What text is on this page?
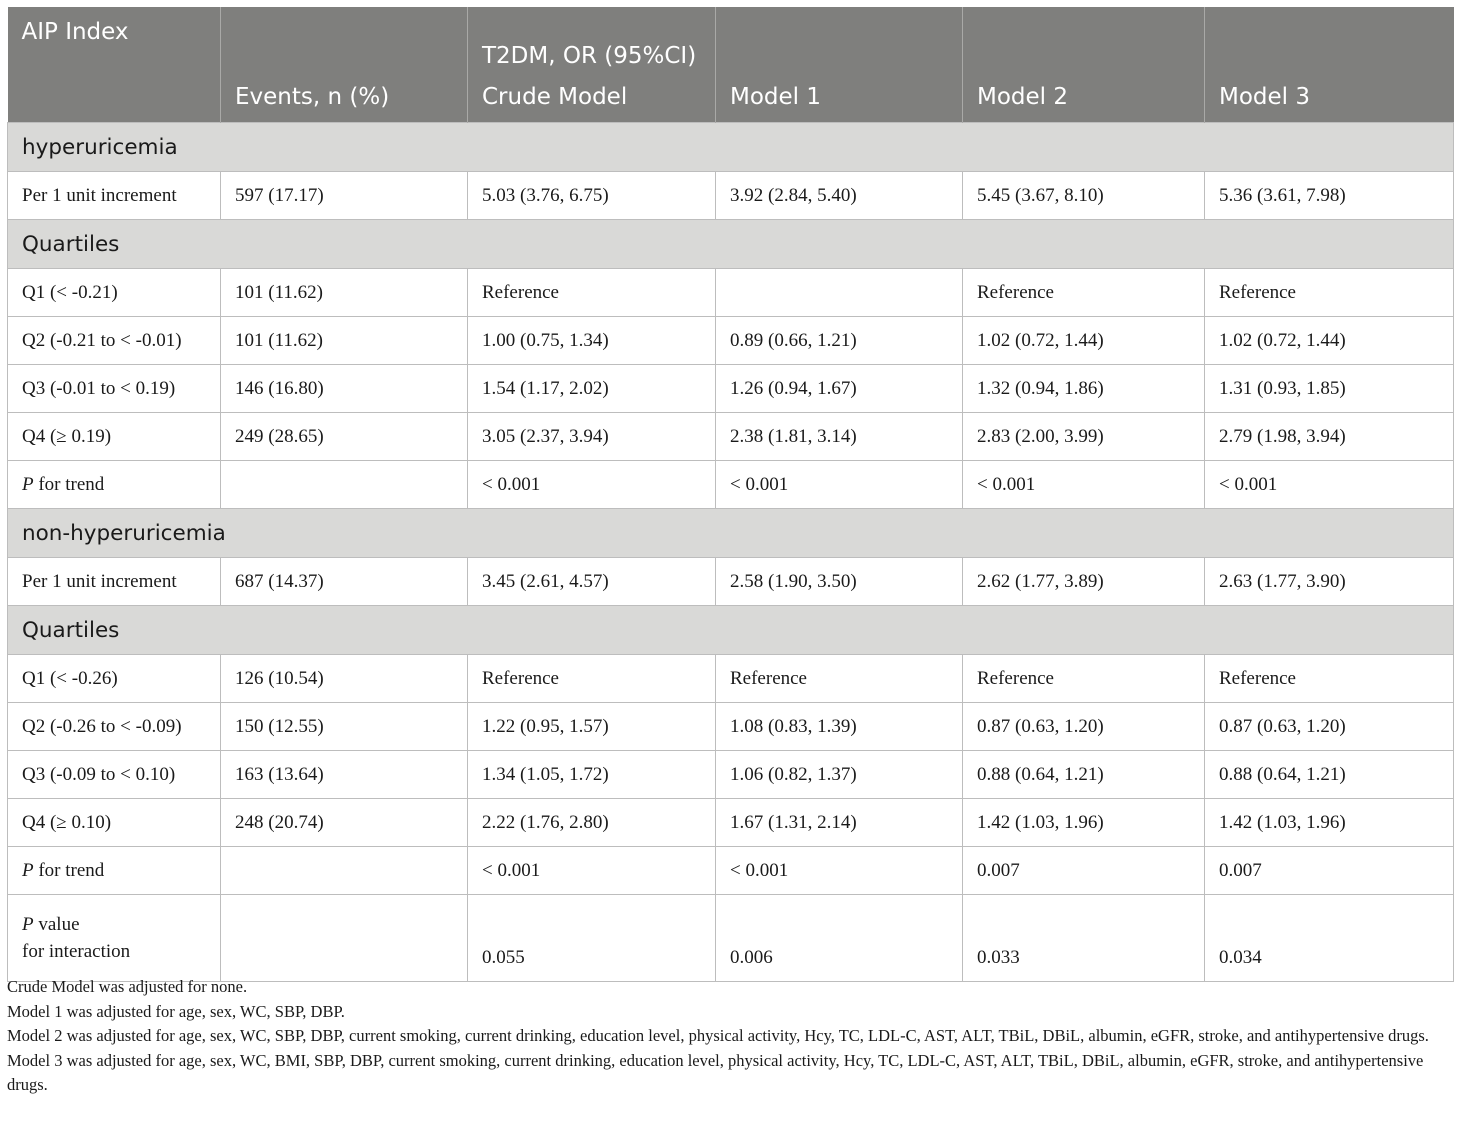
AIP Index		T2DM, OR (95%CI)			
	Events, n (%)	Crude Model	Model 1	Model 2	Model 3
hyperuricemia					
Per 1 unit increment	597 (17.17)	5.03 (3.76, 6.75)	3.92 (2.84, 5.40)	5.45 (3.67, 8.10)	5.36 (3.61, 7.98)
Quartiles					
Q1 (< -0.21)	101 (11.62)	Reference		Reference	Reference
Q2 (-0.21 to < -0.01)	101 (11.62)	1.00 (0.75, 1.34)	0.89 (0.66, 1.21)	1.02 (0.72, 1.44)	1.02 (0.72, 1.44)
Q3 (-0.01 to < 0.19)	146 (16.80)	1.54 (1.17, 2.02)	1.26 (0.94, 1.67)	1.32 (0.94, 1.86)	1.31 (0.93, 1.85)
Q4 (≥ 0.19)	249 (28.65)	3.05 (2.37, 3.94)	2.38 (1.81, 3.14)	2.83 (2.00, 3.99)	2.79 (1.98, 3.94)
P for trend		< 0.001	< 0.001	< 0.001	< 0.001
non-hyperuricemia					
Per 1 unit increment	687 (14.37)	3.45 (2.61, 4.57)	2.58 (1.90, 3.50)	2.62 (1.77, 3.89)	2.63 (1.77, 3.90)
Quartiles					
Q1 (< -0.26)	126 (10.54)	Reference	Reference	Reference	Reference
Q2 (-0.26 to < -0.09)	150 (12.55)	1.22 (0.95, 1.57)	1.08 (0.83, 1.39)	0.87 (0.63, 1.20)	0.87 (0.63, 1.20)
Q3 (-0.09 to < 0.10)	163 (13.64)	1.34 (1.05, 1.72)	1.06 (0.82, 1.37)	0.88 (0.64, 1.21)	0.88 (0.64, 1.21)
Q4 (≥ 0.10)	248 (20.74)	2.22 (1.76, 2.80)	1.67 (1.31, 2.14)	1.42 (1.03, 1.96)	1.42 (1.03, 1.96)
P for trend		< 0.001	< 0.001	0.007	0.007
P value
for interaction		0.055	0.006	0.033	0.034

Crude Model was adjusted for none.

Model 1 was adjusted for age, sex, WC, SBP, DBP.

Model 2 was adjusted for age, sex, WC, SBP, DBP, current smoking, current drinking, education level, physical activity, Hcy, TC, LDL-C, AST, ALT, TBiL, DBiL, albumin, eGFR, stroke, and antihypertensive drugs.

Model 3 was adjusted for age, sex, WC, BMI, SBP, DBP, current smoking, current drinking, education level, physical activity, Hcy, TC, LDL-C, AST, ALT, TBiL, DBiL, albumin, eGFR, stroke, and antihypertensive drugs.
